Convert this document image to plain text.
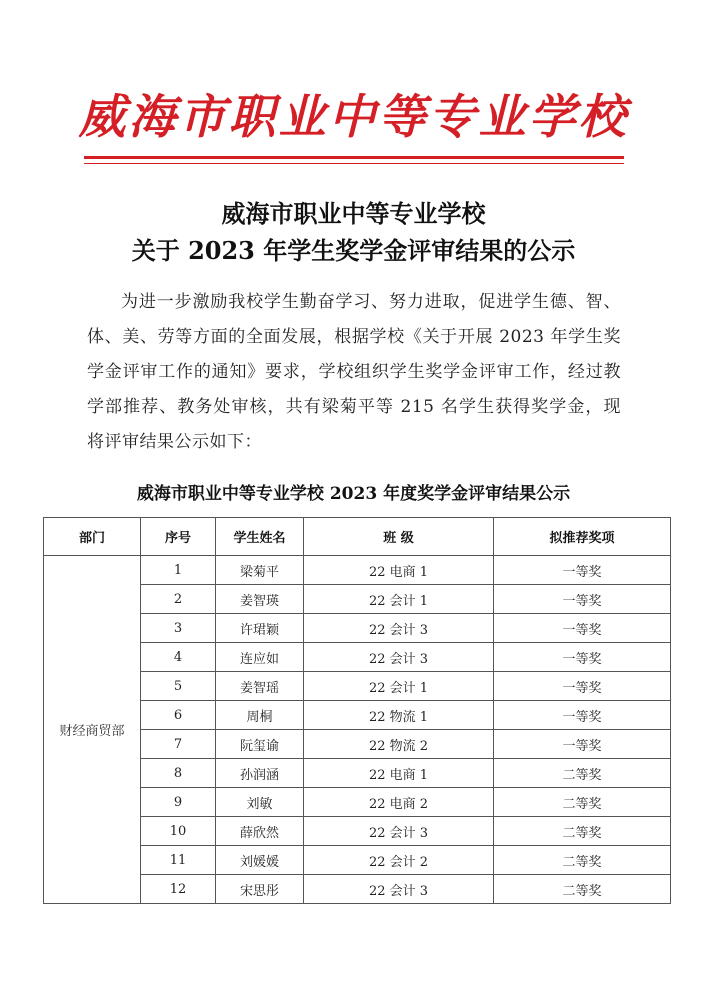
威海市职业中等专业学校
威海市职业中等专业学校
关于 2023 年学生奖学金评审结果的公示
为进一步激励我校学生勤奋学习、努力进取，促进学生德、智、体、美、劳等方面的全面发展，根据学校《关于开展 2023 年学生奖学金评审工作的通知》要求，学校组织学生奖学金评审工作，经过教学部推荐、教务处审核，共有梁菊平等 215 名学生获得奖学金，现将评审结果公示如下：
威海市职业中等专业学校 2023 年度奖学金评审结果公示
部门	序号	学生姓名	班 级	拟推荐奖项
财经商贸部	1	梁菊平	22 电商 1	一等奖
	2	姜智瑛	22 会计 1	一等奖
	3	许珺颖	22 会计 3	一等奖
	4	连应如	22 会计 3	一等奖
	5	姜智瑶	22 会计 1	一等奖
	6	周桐	22 物流 1	一等奖
	7	阮玺谕	22 物流 2	一等奖
	8	孙润涵	22 电商 1	二等奖
	9	刘敏	22 电商 2	二等奖
	10	薛欣然	22 会计 3	二等奖
	11	刘媛媛	22 会计 2	二等奖
	12	宋思彤	22 会计 3	二等奖
